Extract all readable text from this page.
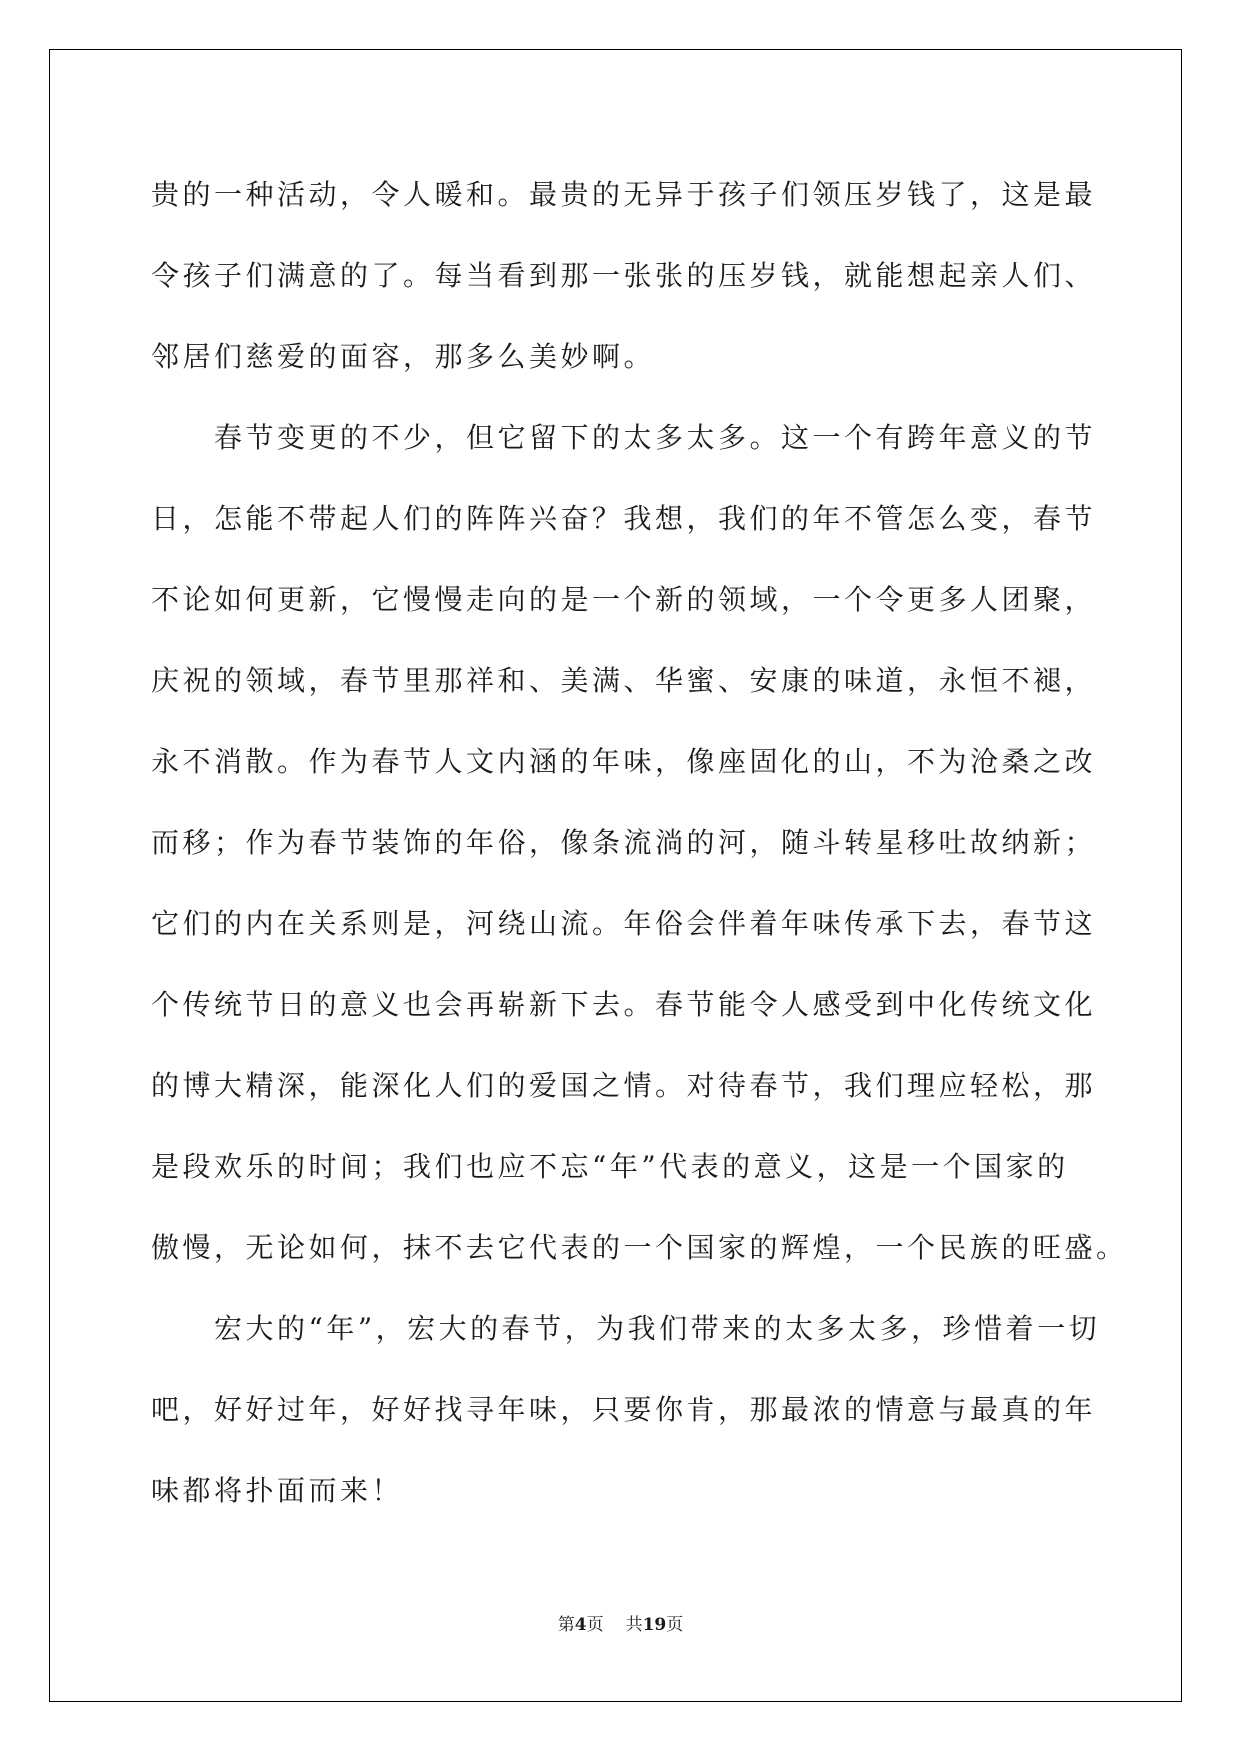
贵的一种活动，令人暖和。最贵的无异于孩子们领压岁钱了，这是最
令孩子们满意的了。每当看到那一张张的压岁钱，就能想起亲人们、
邻居们慈爱的面容，那多么美妙啊。
春节变更的不少，但它留下的太多太多。这一个有跨年意义的节
日，怎能不带起人们的阵阵兴奋？我想，我们的年不管怎么变，春节
不论如何更新，它慢慢走向的是一个新的领域，一个令更多人团聚，
庆祝的领域，春节里那祥和、美满、华蜜、安康的味道，永恒不褪，
永不消散。作为春节人文内涵的年味，像座固化的山，不为沧桑之改
而移；作为春节装饰的年俗，像条流淌的河，随斗转星移吐故纳新；
它们的内在关系则是，河绕山流。年俗会伴着年味传承下去，春节这
个传统节日的意义也会再崭新下去。春节能令人感受到中化传统文化
的博大精深，能深化人们的爱国之情。对待春节，我们理应轻松，那
是段欢乐的时间；我们也应不忘“年”代表的意义，这是一个国家的
傲慢，无论如何，抹不去它代表的一个国家的辉煌，一个民族的旺盛。
宏大的“年”，宏大的春节，为我们带来的太多太多，珍惜着一切
吧，好好过年，好好找寻年味，只要你肯，那最浓的情意与最真的年
味都将扑面而来！
第4页 共19页
